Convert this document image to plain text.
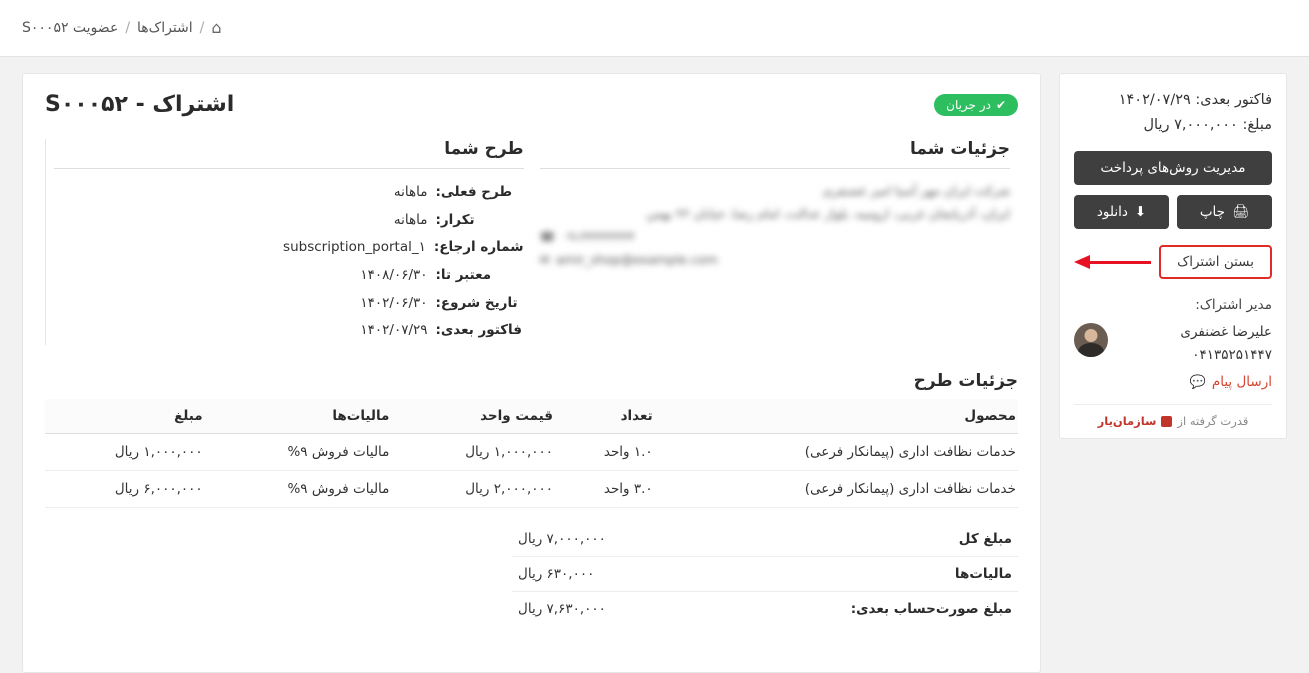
⌂
/
اشتراک‌ها
/
عضویت S۰۰۰۵۲
فاکتور بعدی: ۱۴۰۲/۰۷/۲۹
مبلغ: ۷,۰۰۰,۰۰۰ ریال
مدیریت روش‌های پرداخت
🖨
چاپ
⬇
دانلود
بستن اشتراک
مدیر اشتراک:
علیرضا غضنفری
۰۴۱۳۵۲۵۱۴۴۷
ارسال پیام
💬
قدرت گرفته از
سازمان‌یار
اشتراک - S۰۰۰۵۲	✔
در جریان
جزئیات شما
شرکت ایران مهر آسیا امیر غضنفری
ایران، آذربایجان غربی، ارومیه، بلوار عدالت، امام رضا، خیابان ۲۲ بهمن
☎ ۰۹۱۴۴۴۴۴۴۴۴
✉ amir_shop@example.com
طرح شما
طرح فعلی:
ماهانه
تکرار:
ماهانه
شماره ارجاع:
subscription_portal_۱
معتبر تا:
۱۴۰۸/۰۶/۳۰
تاریخ شروع:
۱۴۰۲/۰۶/۳۰
فاکتور بعدی:
۱۴۰۲/۰۷/۲۹
جزئیات طرح
محصول	تعداد	قیمت واحد	مالیات‌ها	مبلغ
خدمات نظافت اداری (پیمانکار فرعی)	۱.۰ واحد	۱,۰۰۰,۰۰۰ ریال	مالیات فروش ۹%	۱,۰۰۰,۰۰۰ ریال
خدمات نظافت اداری (پیمانکار فرعی)	۳.۰ واحد	۲,۰۰۰,۰۰۰ ریال	مالیات فروش ۹%	۶,۰۰۰,۰۰۰ ریال
مبلغ کل	۷,۰۰۰,۰۰۰ ریال
مالیات‌ها	۶۳۰,۰۰۰ ریال
مبلغ صورت‌حساب بعدی:	۷,۶۳۰,۰۰۰ ریال
